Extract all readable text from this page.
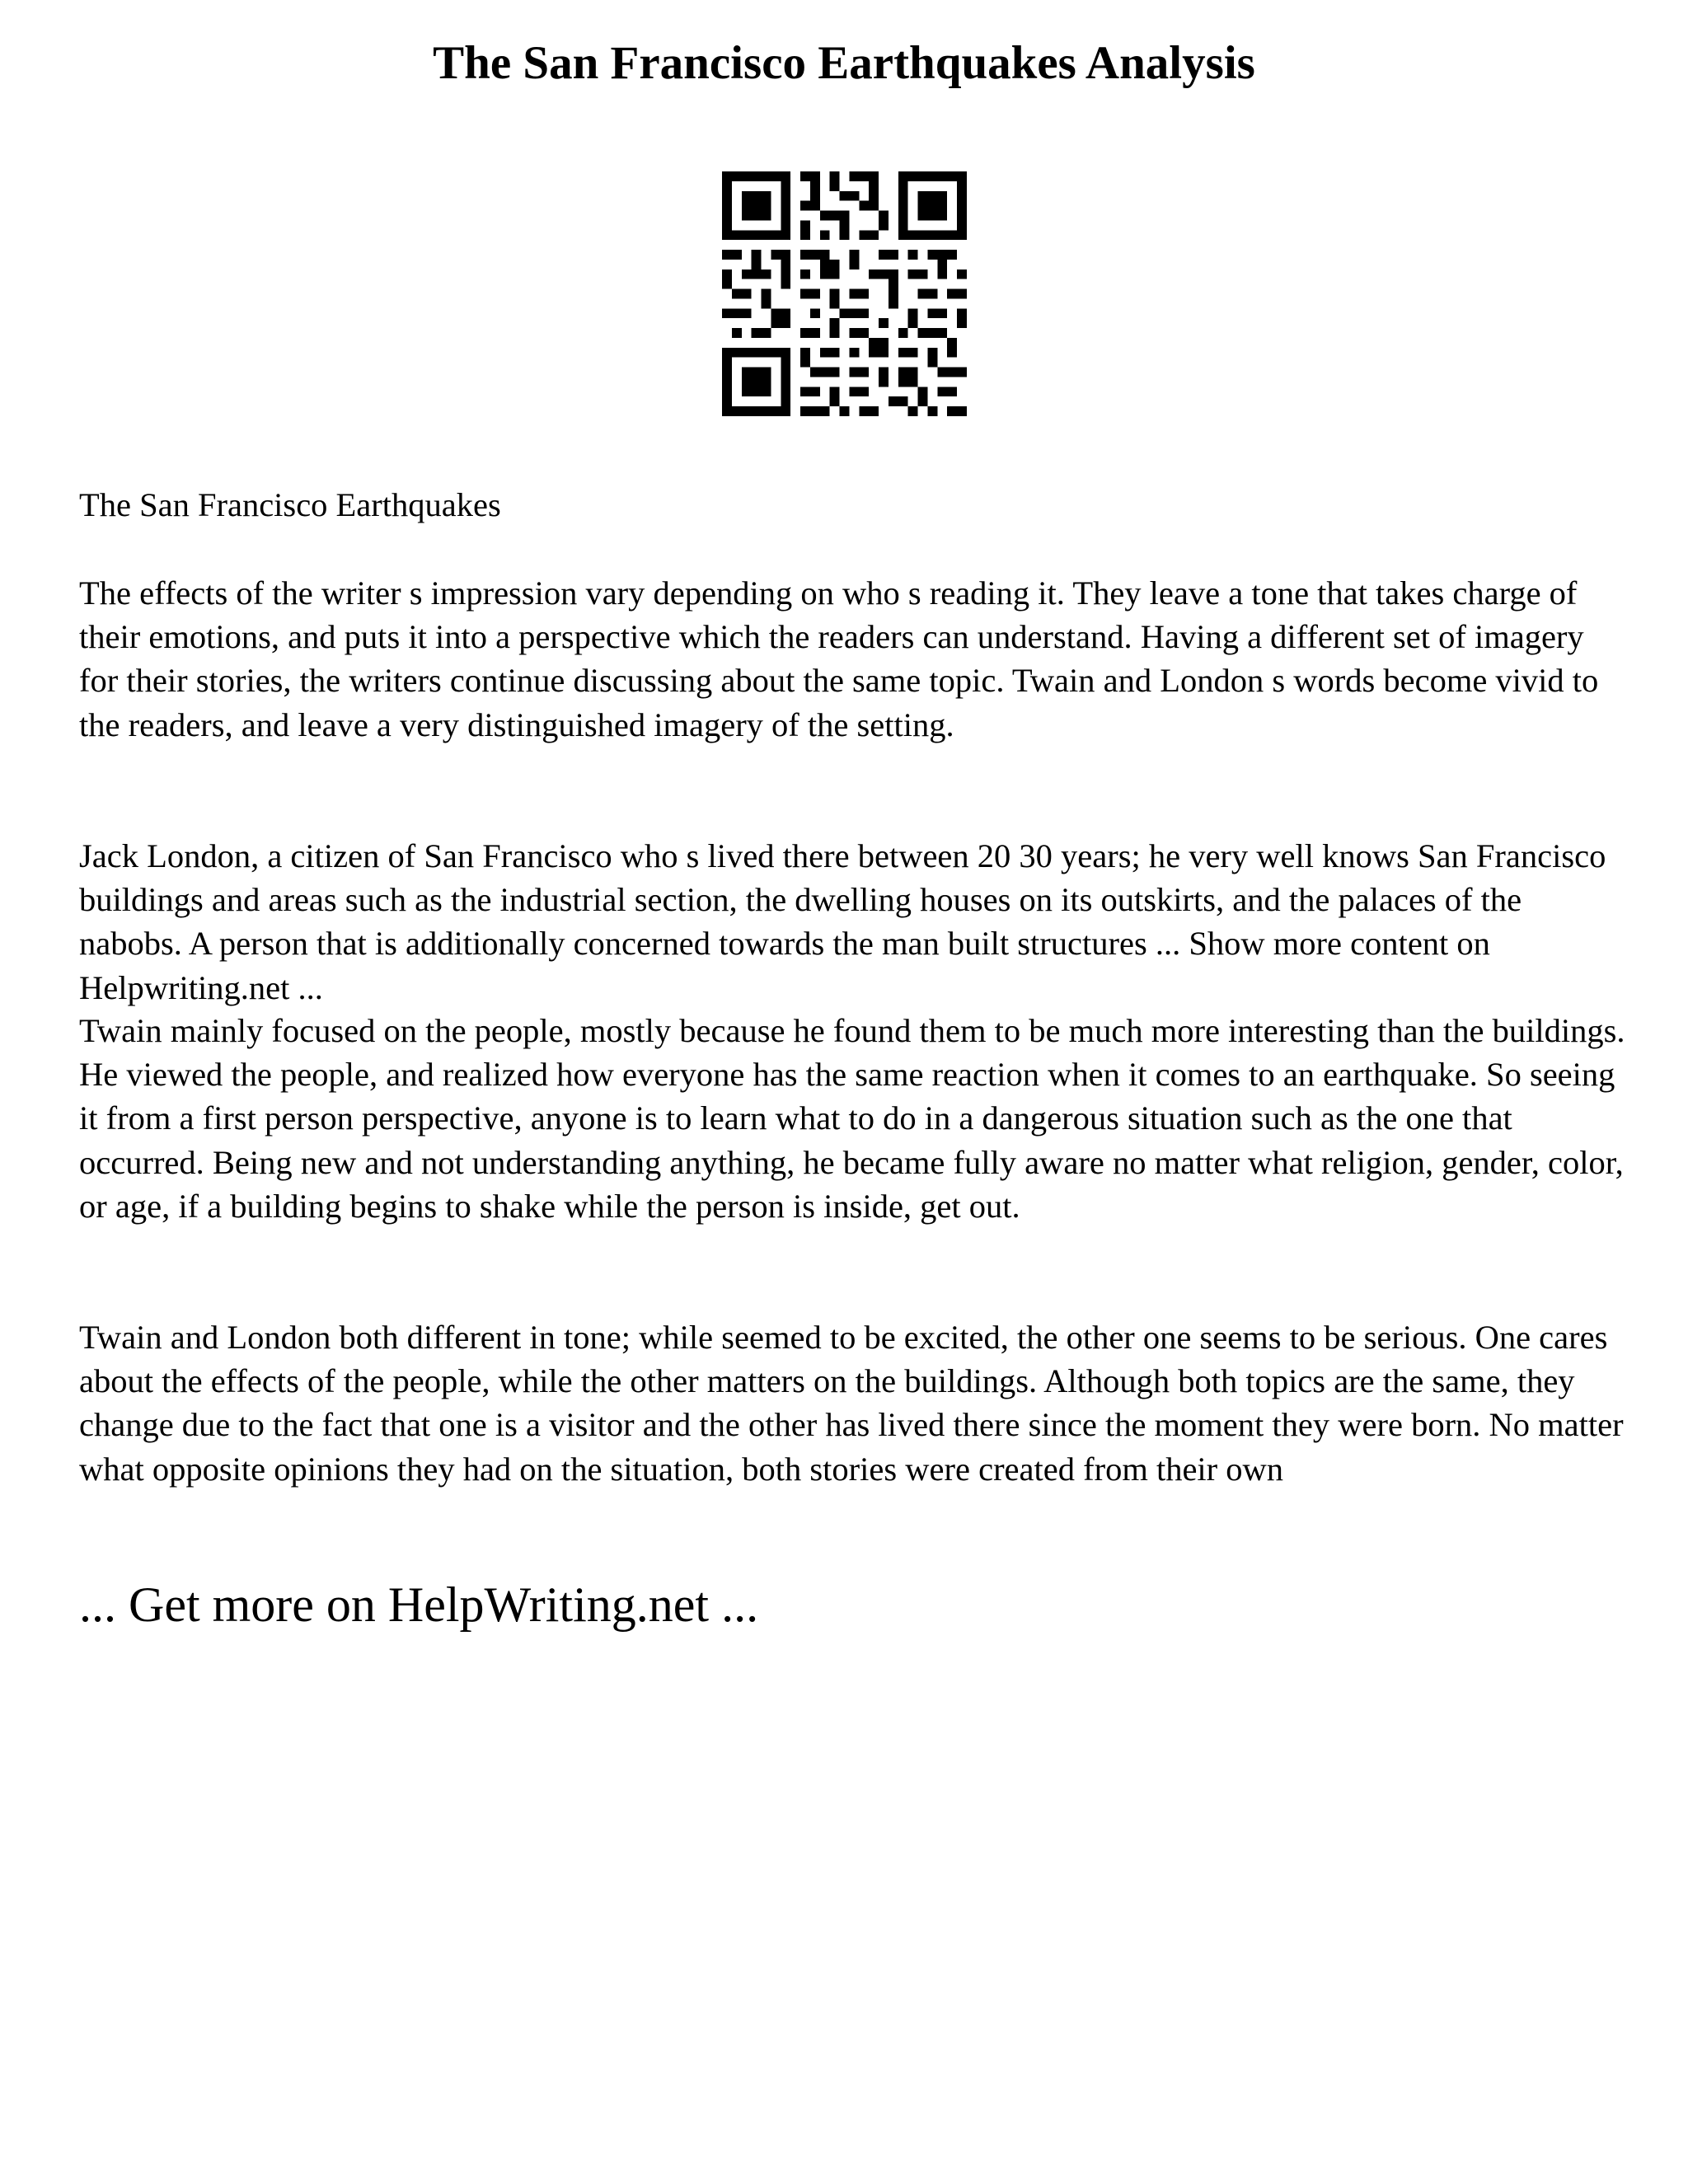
The San Francisco Earthquakes Analysis

The San Francisco Earthquakes

The effects of the writer s impression vary depending on who s reading it. They leave a tone that takes charge of their emotions, and puts it into a perspective which the readers can understand. Having a different set of imagery for their stories, the writers continue discussing about the same topic. Twain and London s words become vivid to the readers, and leave a very distinguished imagery of the setting.

Jack London, a citizen of San Francisco who s lived there between 20 30 years; he very well knows San Francisco buildings and areas such as the industrial section, the dwelling houses on its outskirts, and the palaces of the nabobs. A person that is additionally concerned towards the man built structures ... Show more content on Helpwriting.net ...

Twain mainly focused on the people, mostly because he found them to be much more interesting than the buildings. He viewed the people, and realized how everyone has the same reaction when it comes to an earthquake. So seeing it from a first person perspective, anyone is to learn what to do in a dangerous situation such as the one that occurred. Being new and not understanding anything, he became fully aware no matter what religion, gender, color, or age, if a building begins to shake while the person is inside, get out.

Twain and London both different in tone; while seemed to be excited, the other one seems to be serious. One cares about the effects of the people, while the other matters on the buildings. Although both topics are the same, they change due to the fact that one is a visitor and the other has lived there since the moment they were born. No matter what opposite opinions they had on the situation, both stories were created from their own

... Get more on HelpWriting.net ...
